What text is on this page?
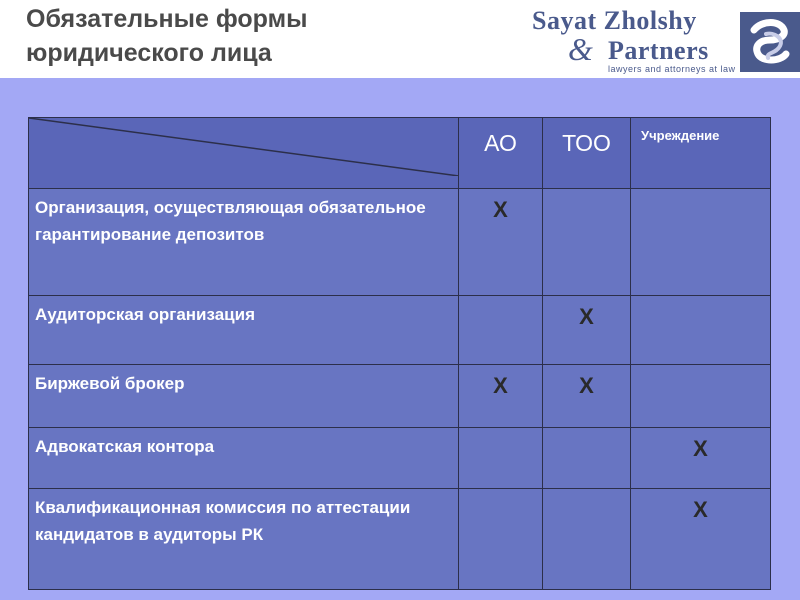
Обязательные формы
юридического лица
Sayat Zholshy
& Partners
lawyers and attorneys at law
	АО	ТОО	Учреждение
Организация, осуществляющая обязательное гарантирование депозитов	X		
Аудиторская организация		X	
Биржевой брокер	X	X	
Адвокатская контора			X
Квалификационная комиссия по аттестации кандидатов в аудиторы РК			X
